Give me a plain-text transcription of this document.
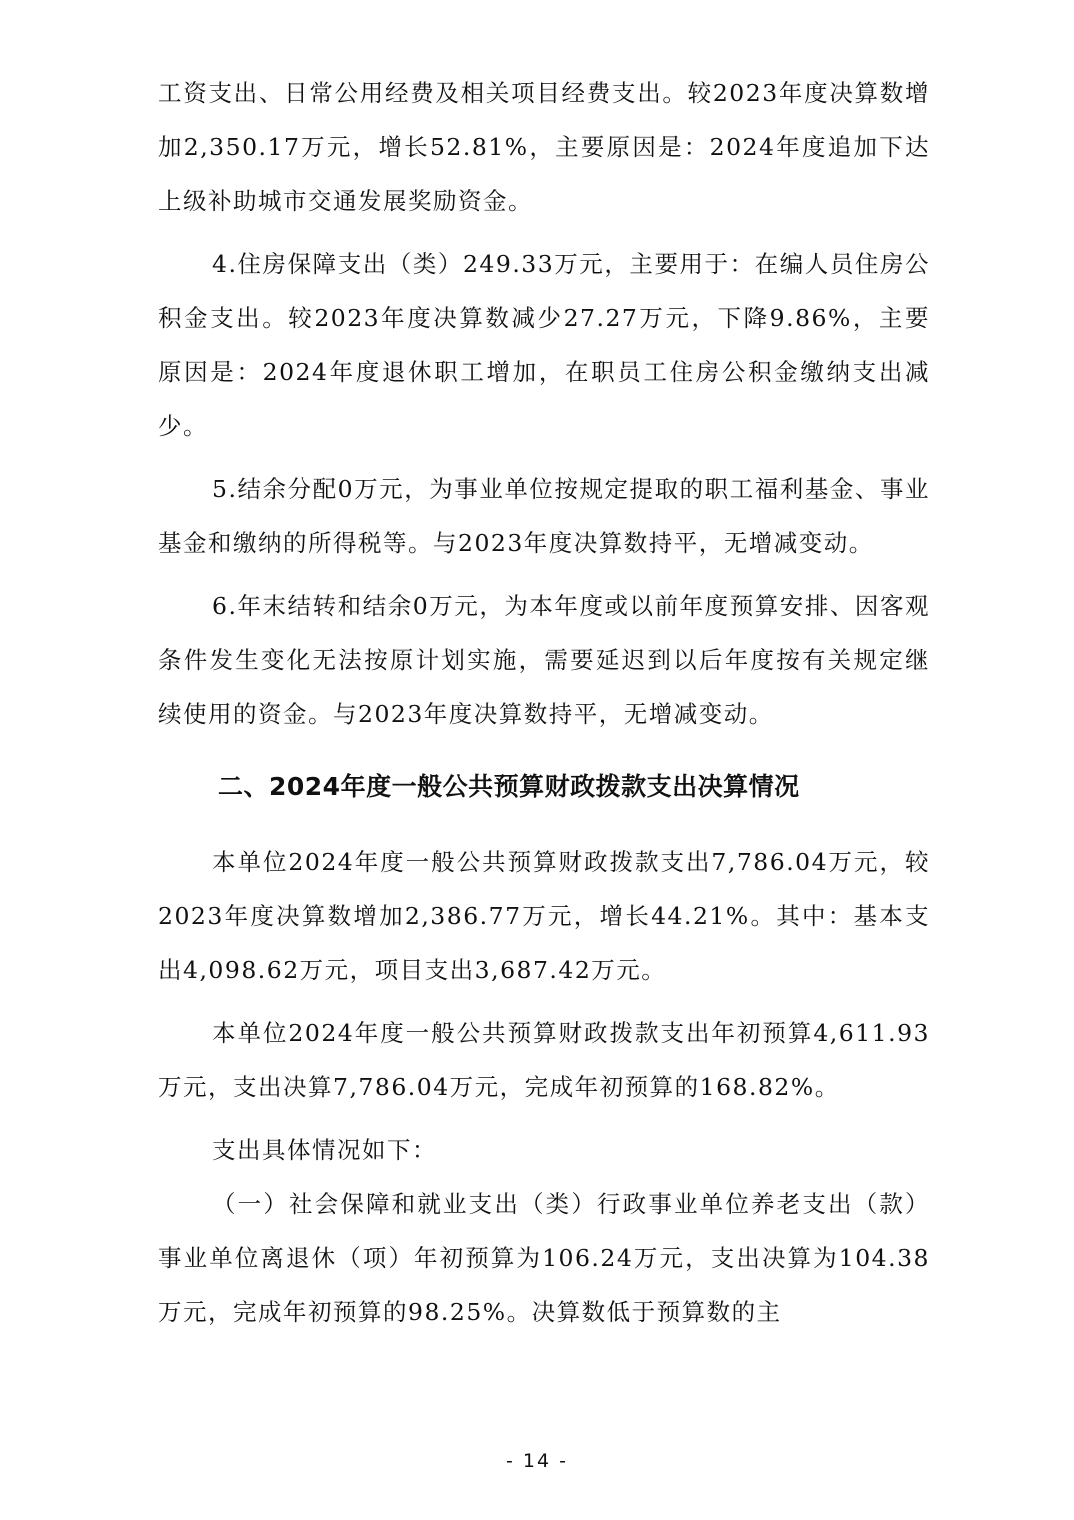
工资支出、日常公用经费及相关项目经费支出。较2023年度决算数增加2,350.17万元，增长52.81%，主要原因是：2024年度追加下达上级补助城市交通发展奖励资金。

4.住房保障支出（类）249.33万元，主要用于：在编人员住房公积金支出。较2023年度决算数减少27.27万元，下降9.86%，主要原因是：2024年度退休职工增加，在职员工住房公积金缴纳支出减少。

5.结余分配0万元，为事业单位按规定提取的职工福利基金、事业基金和缴纳的所得税等。与2023年度决算数持平，无增减变动。

6.年末结转和结余0万元，为本年度或以前年度预算安排、因客观条件发生变化无法按原计划实施，需要延迟到以后年度按有关规定继续使用的资金。与2023年度决算数持平，无增减变动。

二、2024年度一般公共预算财政拨款支出决算情况

本单位2024年度一般公共预算财政拨款支出7,786.04万元，较2023年度决算数增加2,386.77万元，增长44.21%。其中：基本支出4,098.62万元，项目支出3,687.42万元。

本单位2024年度一般公共预算财政拨款支出年初预算4,611.93万元，支出决算7,786.04万元，完成年初预算的168.82%。

支出具体情况如下：

（一）社会保障和就业支出（类）行政事业单位养老支出（款）事业单位离退休（项）年初预算为106.24万元，支出决算为104.38万元，完成年初预算的98.25%。决算数低于预算数的主

- 14 -
